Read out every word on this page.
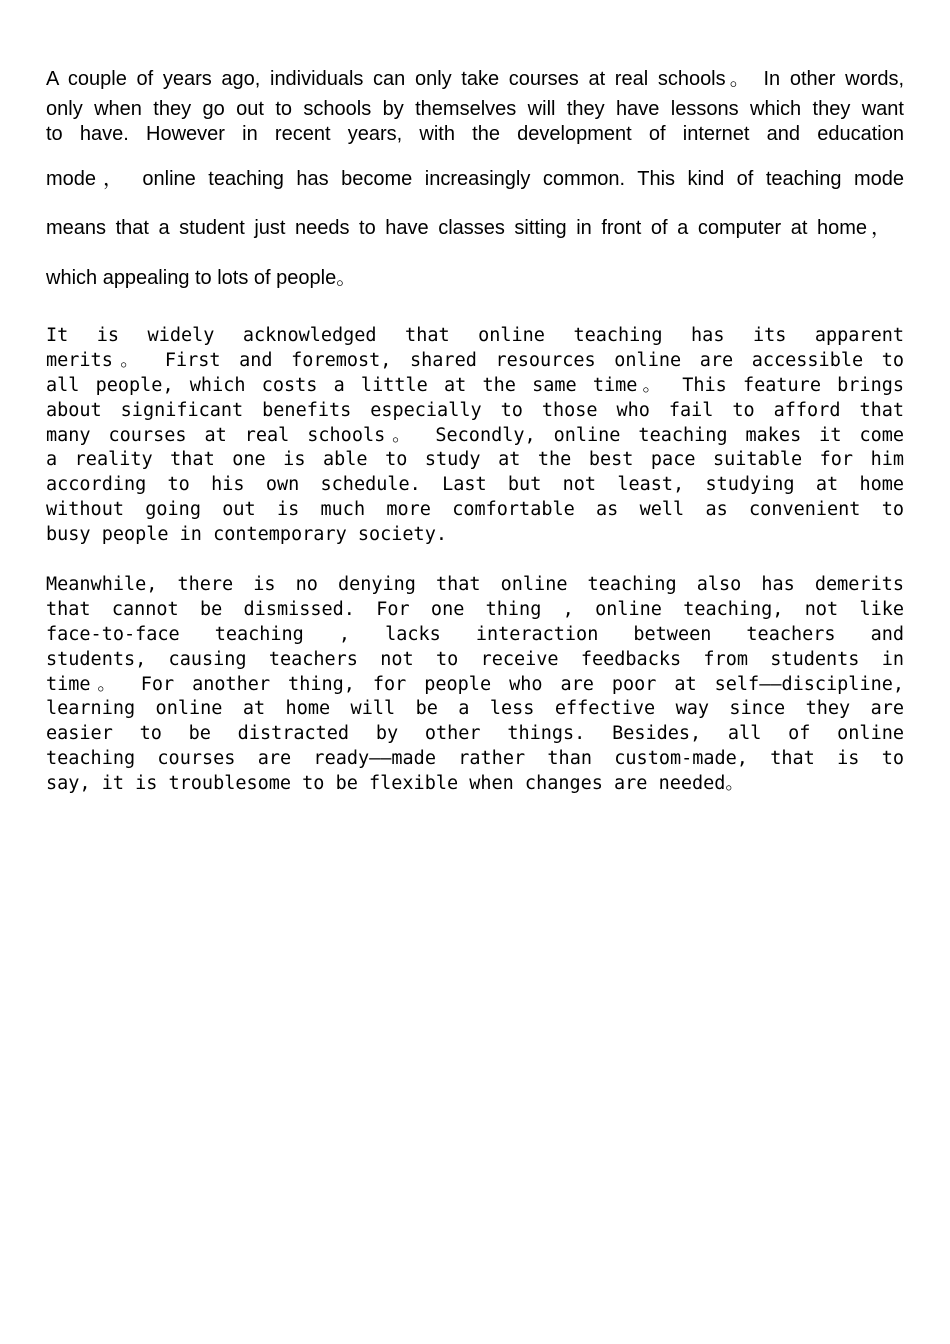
A couple of years ago, individuals can only take courses at real schools。 In other words,
only when they go out to schools by themselves will they have lessons which they want
to have. However in recent years, with the development of internet and education
mode， online teaching has become increasingly common. This kind of teaching mode
means that a student just needs to have classes sitting in front of a computer at home，
which appealing to lots of people。
It is widely acknowledged that online teaching has its apparent
merits。 First and foremost, shared resources online are accessible to
all people, which costs a little at the same time。 This feature brings
about significant benefits especially to those who fail to afford that
many courses at real schools。 Secondly, online teaching makes it come
a reality that one is able to study at the best pace suitable for him
according to his own schedule. Last but not least, studying at home
without going out is much more comfortable as well as convenient to
busy people in contemporary society.
Meanwhile, there is no denying that online teaching also has demerits
that cannot be dismissed. For one thing , online teaching, not like
face-to-face teaching , lacks interaction between teachers and
students, causing teachers not to receive feedbacks from students in
time。 For another thing, for people who are poor at self——discipline,
learning online at home will be a less effective way since they are
easier to be distracted by other things. Besides, all of online
teaching courses are ready——made rather than custom-made, that is to
say, it is troublesome to be flexible when changes are needed。
